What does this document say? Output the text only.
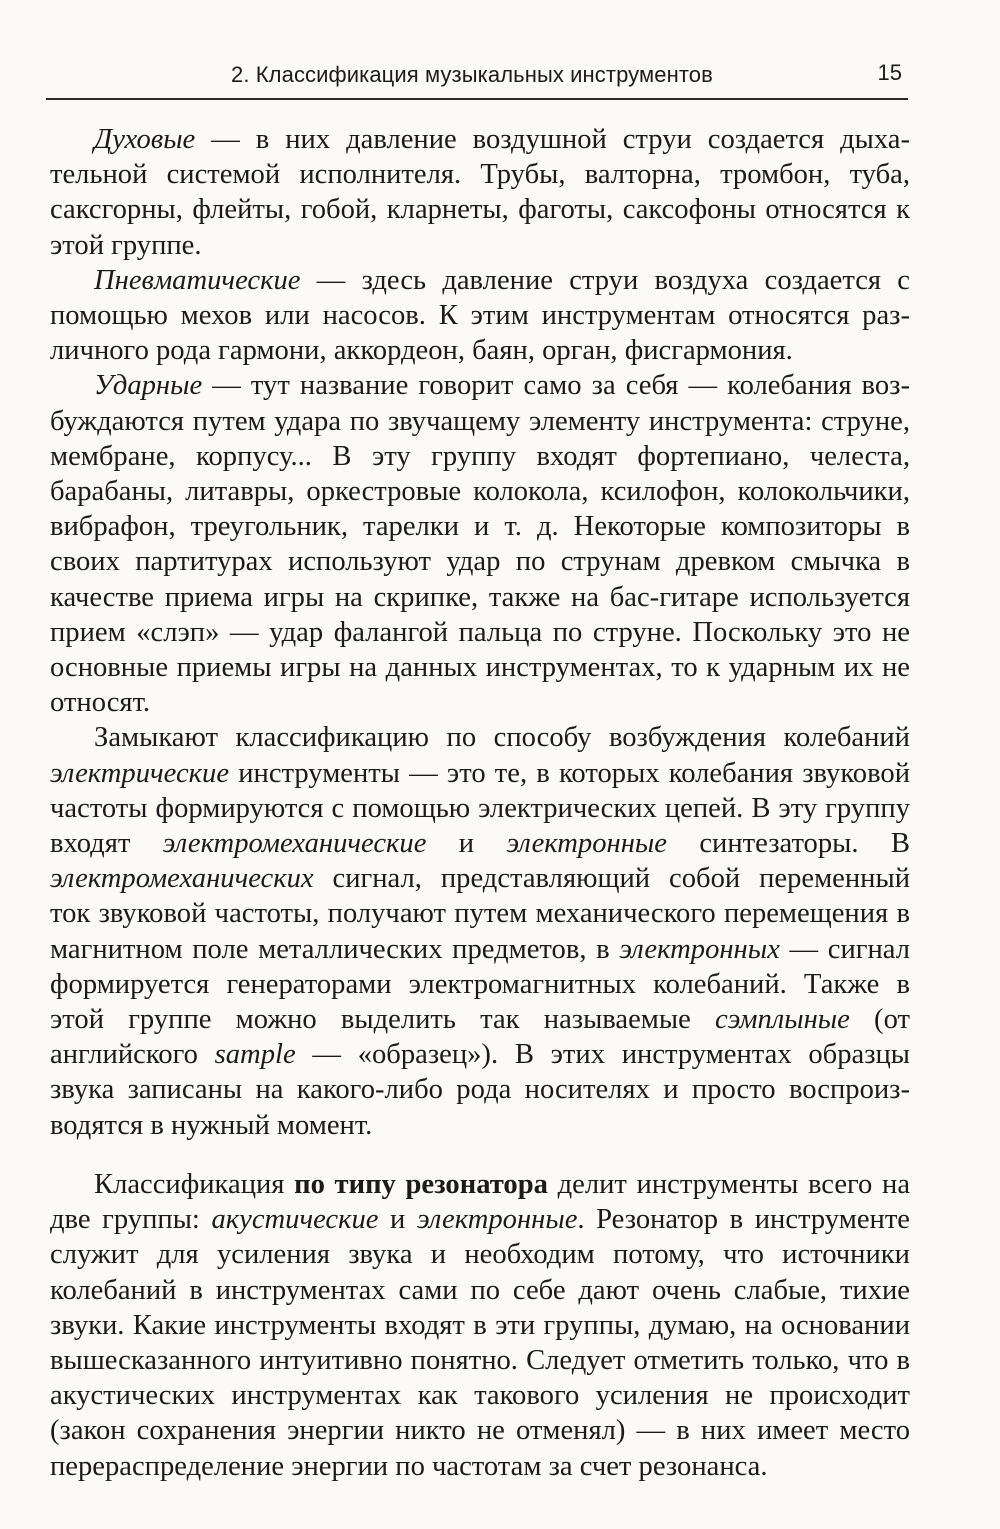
2. Классификация музыкальных инструментов	15

Духовые — в них давление воздушной струи создается дыхательной системой исполнителя. Трубы, валторна, тромбон, туба, саксгорны, флейты, гобой, кларнеты, фаготы, саксофоны относятся к этой группе.

Пневматические — здесь давление струи воздуха создается с помощью мехов или насосов. К этим инструментам относятся различного рода гармони, аккордеон, баян, орган, фисгармония.

Ударные — тут название говорит само за себя — колебания возбуждаются путем удара по звучащему элементу инструмента: струне, мембране, корпусу... В эту группу входят фортепиано, челеста, барабаны, литавры, оркестровые колокола, ксилофон, колокольчики, вибрафон, треугольник, тарелки и т. д. Некоторые композиторы в своих партитурах используют удар по струнам древком смычка в качестве приема игры на скрипке, также на бас-гитаре используется прием «слэп» — удар фалангой пальца по струне. Поскольку это не основные приемы игры на данных инструментах, то к ударным их не относят.

Замыкают классификацию по способу возбуждения колебаний электрические инструменты — это те, в которых колебания звуковой частоты формируются с помощью электрических цепей. В эту группу входят электромеханические и электронные синтезаторы. В электромеханических сигнал, представляющий собой переменный ток звуковой частоты, получают путем механического перемещения в магнитном поле металлических предметов, в электронных — сигнал формируется генераторами электромагнитных колебаний. Также в этой группе можно выделить так называемые сэмплыные (от английского sample — «образец»). В этих инструментах образцы звука записаны на какого-либо рода носителях и просто воспроизводятся в нужный момент.

Классификация по типу резонатора делит инструменты всего на две группы: акустические и электронные. Резонатор в инструменте служит для усиления звука и необходим потому, что источники колебаний в инструментах сами по себе дают очень слабые, тихие звуки. Какие инструменты входят в эти группы, думаю, на основании вышесказанного интуитивно понятно. Следует отметить только, что в акустических инструментах как такового усиления не происходит (закон сохранения энергии никто не отменял) — в них имеет место перераспределение энергии по частотам за счет резонанса.
